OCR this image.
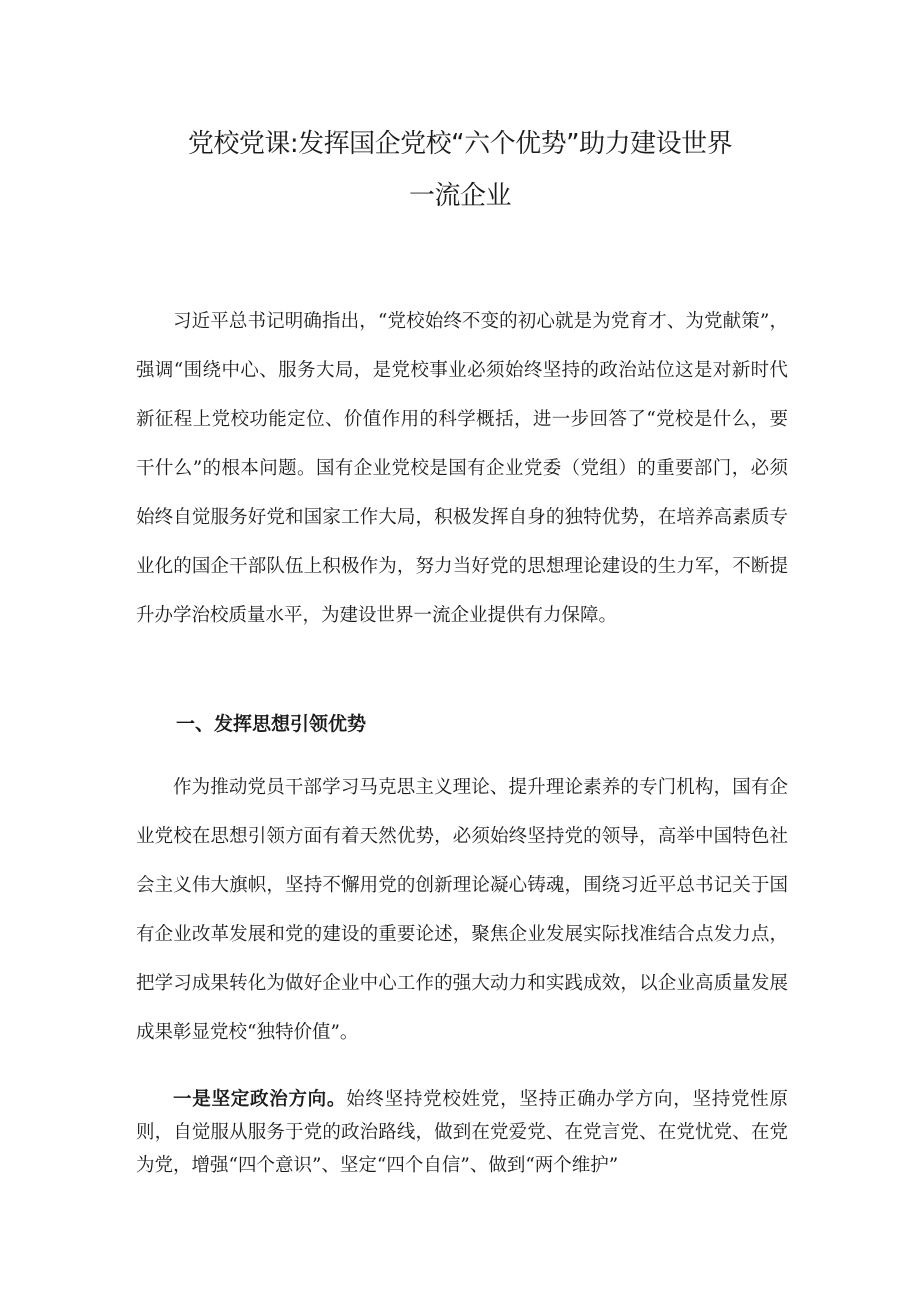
党校党课:发挥国企党校“六个优势”助力建设世界
一流企业

习近平总书记明确指出，“党校始终不变的初心就是为党育才、为党献策”，强调“围绕中心、服务大局，是党校事业必须始终坚持的政治站位这是对新时代新征程上党校功能定位、价值作用的科学概括，进一步回答了“党校是什么，要干什么”的根本问题。国有企业党校是国有企业党委（党组）的重要部门，必须始终自觉服务好党和国家工作大局，积极发挥自身的独特优势，在培养高素质专业化的国企干部队伍上积极作为，努力当好党的思想理论建设的生力军，不断提升办学治校质量水平，为建设世界一流企业提供有力保障。

一、发挥思想引领优势

作为推动党员干部学习马克思主义理论、提升理论素养的专门机构，国有企业党校在思想引领方面有着天然优势，必须始终坚持党的领导，高举中国特色社会主义伟大旗帜，坚持不懈用党的创新理论凝心铸魂，围绕习近平总书记关于国有企业改革发展和党的建设的重要论述，聚焦企业发展实际找准结合点发力点，把学习成果转化为做好企业中心工作的强大动力和实践成效，以企业高质量发展成果彰显党校“独特价值”。

一是坚定政治方向。始终坚持党校姓党，坚持正确办学方向，坚持党性原则，自觉服从服务于党的政治路线，做到在党爱党、在党言党、在党忧党、在党为党，增强“四个意识”、坚定“四个自信”、做到“两个维护”
